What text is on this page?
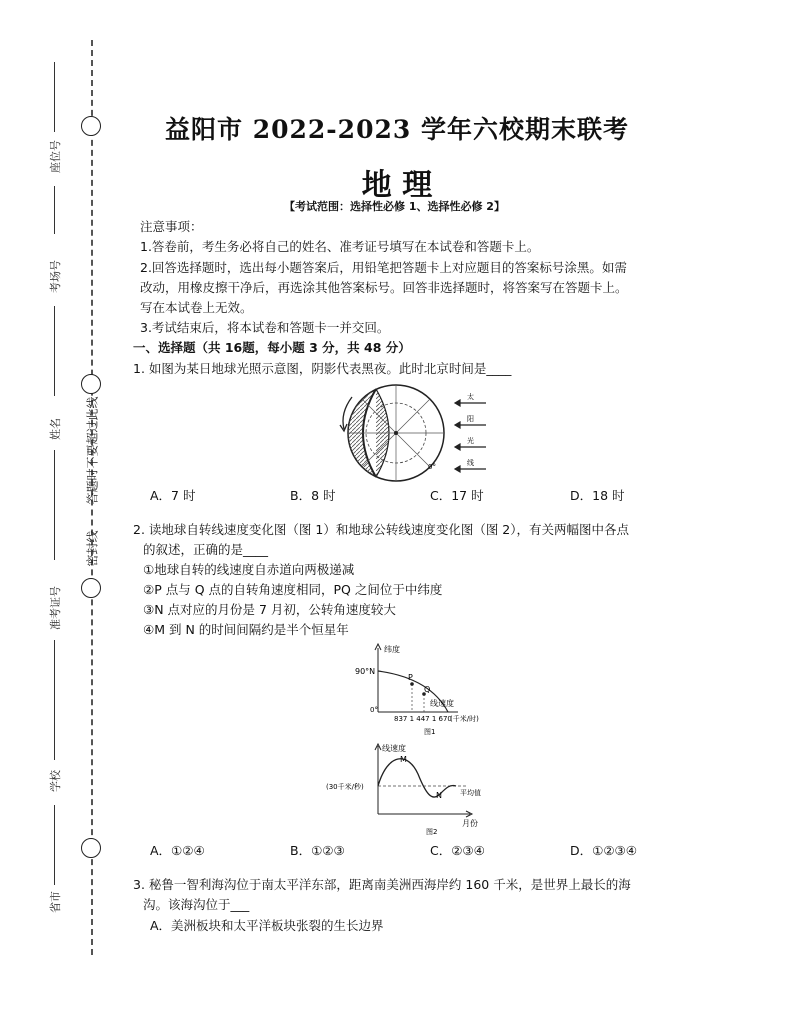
座位号
考场号
姓名
准考证号
学校
省市
答题时不要超过此线
密封线
益阳市 2022-2023 学年六校期末联考
地 理
【考试范围：选择性必修 1、选择性必修 2】
注意事项：
1.答卷前，考生务必将自己的姓名、准考证号填写在本试卷和答题卡上。
2.回答选择题时，选出每小题答案后，用铅笔把答题卡上对应题目的答案标号涂黑。如需
改动，用橡皮擦干净后，再选涂其他答案标号。回答非选择题时，将答案写在答题卡上。
写在本试卷上无效。
3.考试结束后，将本试卷和答题卡一并交回。
一、选择题（共 16题，每小题 3 分，共 48 分）
1. 如图为某日地球光照示意图，阴影代表黑夜。此时北京时间是____
0°
太
阳
光
线
A．7 时	B．8 时	C．17 时	D．18 时
2. 读地球自转线速度变化图（图 1）和地球公转线速度变化图（图 2），有关两幅图中各点
的叙述，正确的是____
①地球自转的线速度自赤道向两极递减
②P 点与 Q 点的自转角速度相同，PQ 之间位于中纬度
③N 点对应的月份是 7 月初，公转角速度较大
④M 到 N 的时间间隔约是半个恒星年
纬度
90°N
0°
P
Q
线速度
837 1 447 1 670
(千米/时)
图1
线速度
(30千米/秒)
M
N	平均值
月份
图2
A．①②④	B．①②③	C．②③④	D．①②③④
3. 秘鲁一智利海沟位于南太平洋东部，距离南美洲西海岸约 160 千米，是世界上最长的海
沟。该海沟位于___
A．美洲板块和太平洋板块张裂的生长边界
